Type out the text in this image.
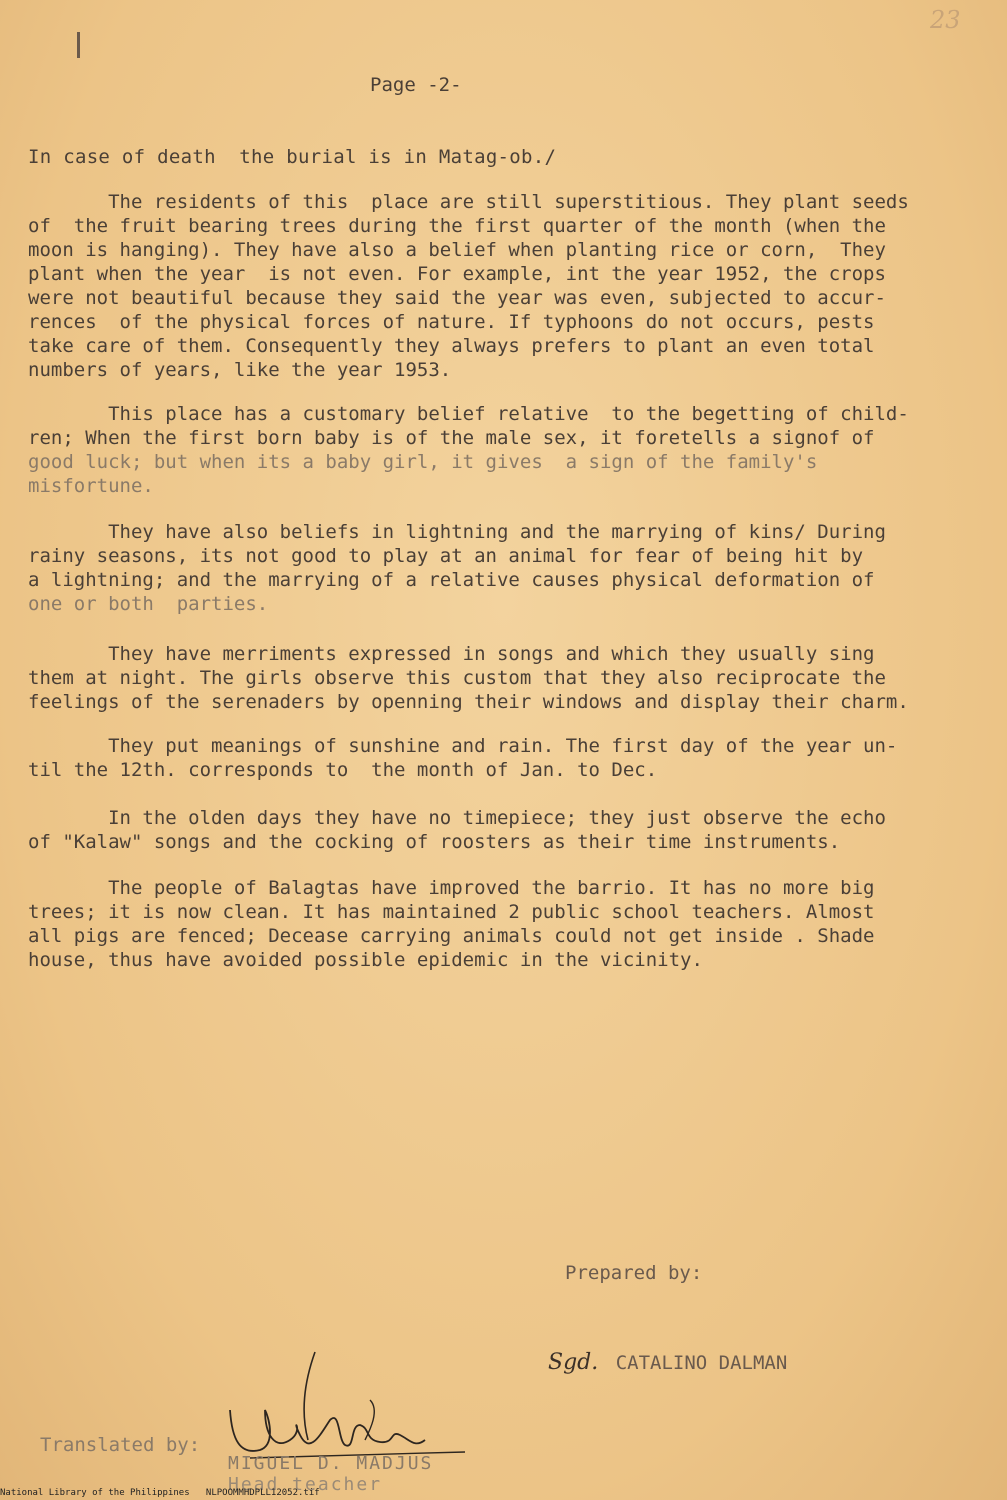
23
Page -2-
In case of death  the burial is in Matag-ob./
The residents of this  place are still superstitious. They plant seeds
of  the fruit bearing trees during the first quarter of the month (when the
moon is hanging). They have also a belief when planting rice or corn,  They
plant when the year  is not even. For example, int the year 1952, the crops
were not beautiful because they said the year was even, subjected to accur-
rences  of the physical forces of nature. If typhoons do not occurs, pests
take care of them. Consequently they always prefers to plant an even total
numbers of years, like the year 1953.
This place has a customary belief relative  to the begetting of child-
ren; When the first born baby is of the male sex, it foretells a signof of
good luck; but when its a baby girl, it gives  a sign of the family's
misfortune.
They have also beliefs in lightning and the marrying of kins/ During
rainy seasons, its not good to play at an animal for fear of being hit by
a lightning; and the marrying of a relative causes physical deformation of
one or both  parties.
They have merriments expressed in songs and which they usually sing
them at night. The girls observe this custom that they also reciprocate the
feelings of the serenaders by openning their windows and display their charm.
They put meanings of sunshine and rain. The first day of the year un-
til the 12th. corresponds to  the month of Jan. to Dec.
In the olden days they have no timepiece; they just observe the echo
of "Kalaw" songs and the cocking of roosters as their time instruments.
The people of Balagtas have improved the barrio. It has no more big
trees; it is now clean. It has maintained 2 public school teachers. Almost
all pigs are fenced; Decease carrying animals could not get inside . Shade
house, thus have avoided possible epidemic in the vicinity.
Prepared by:
Sgd. CATALINO DALMAN
Translated by:
MIGUEL D. MADJUS
Head teacher
National Library of the Philippines   NLPOOMMHDPLL12052.tif
